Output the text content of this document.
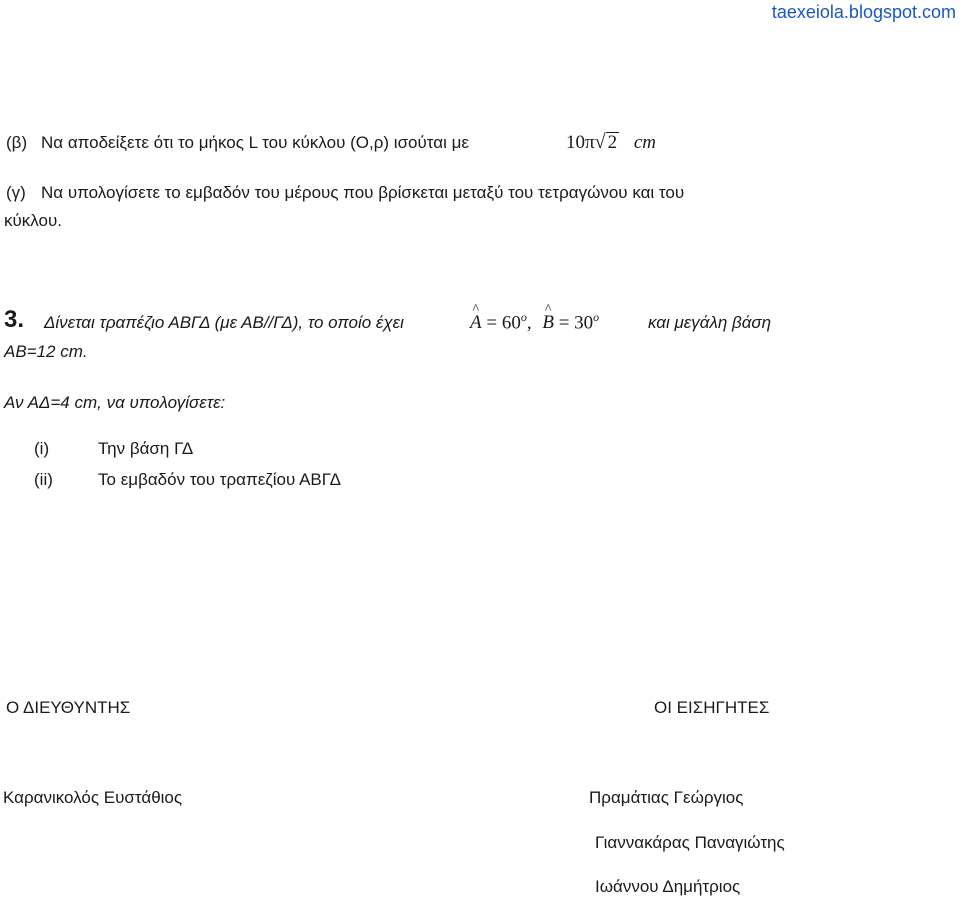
taexeiola.blogspot.com
(β) Να αποδείξετε ότι το μήκος L του κύκλου (Ο,ρ) ισούται με	10π√ 2 cm
(γ) Να υπολογίσετε το εμβαδόν του μέρους που βρίσκεται μεταξύ του τετραγώνου και του
κύκλου.
3. Δίνεται τραπέζιο ΑΒΓΔ (με ΑΒ//ΓΔ), το οποίο έχει	^ $A = 60^o$, ^ $B = 30^o$	και μεγάλη βάση
ΑΒ=12 cm.
Αν ΑΔ=4 cm, να υπολογίσετε:
(i)	Την βάση ΓΔ
(ii)	Το εμβαδόν του τραπεζίου ΑΒΓΔ
Ο ΔΙΕΥΘΥΝΤΗΣ	ΟΙ ΕΙΣΗΓΗΤΕΣ
Καρανικολός Ευστάθιος	Πραμάτιας Γεώργιος
Γιαννακάρας Παναγιώτης
Ιωάννου Δημήτριος
